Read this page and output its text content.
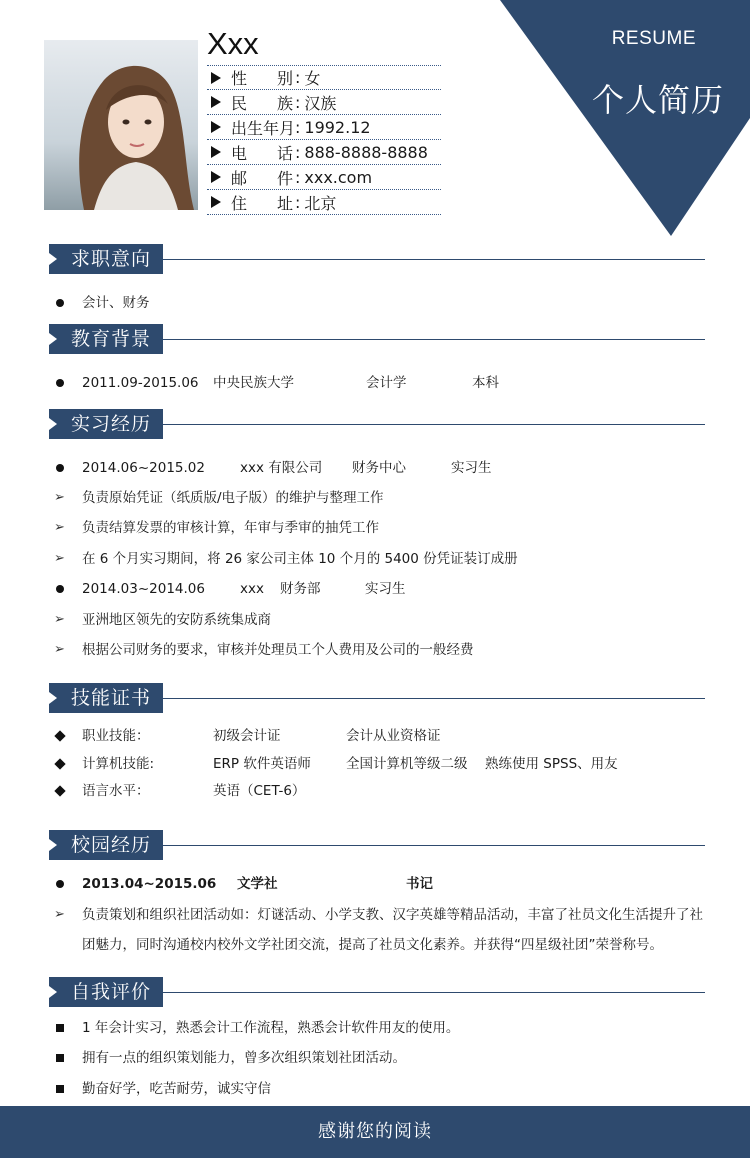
RESUME
个人简历
Xxx
性　别 : 女
民　族 : 汉族
出生年月 : 1992.12
电　话 : 888-8888-8888
邮　件 : xxx.com
住　址 : 北京
求职意向
会计、财务
教育背景
2011.09-2015.06 中央民族大学	会计学	本科
实习经历
2014.06~2015.02	xxx 有限公司 财务中心	实习生
➢ 负责原始凭证（纸质版/电子版）的维护与整理工作
➢ 负责结算发票的审核计算，年审与季审的抽凭工作
➢ 在 6 个月实习期间，将 26 家公司主体 10 个月的 5400 份凭证装订成册
2014.03~2014.06	xxx 财务部	实习生
➢ 亚洲地区领先的安防系统集成商
➢ 根据公司财务的要求，审核并处理员工个人费用及公司的一般经费
技能证书
职业技能：	初级会计证	会计从业资格证
计算机技能:	ERP 软件英语师	全国计算机等级二级 熟练使用 SPSS、用友
语言水平：	英语（CET-6）
校园经历
2013.04~2015.06 文学社	书记
➢ 负责策划和组织社团活动如：灯谜活动、小学支教、汉字英雄等精品活动，丰富了社员文化生活提升了社团魅力，同时沟通校内校外文学社团交流，提高了社员文化素养。并获得“四星级社团”荣誉称号。
自我评价
1 年会计实习，熟悉会计工作流程，熟悉会计软件用友的使用。
拥有一点的组织策划能力，曾多次组织策划社团活动。
勤奋好学，吃苦耐劳，诚实守信
感谢您的阅读
